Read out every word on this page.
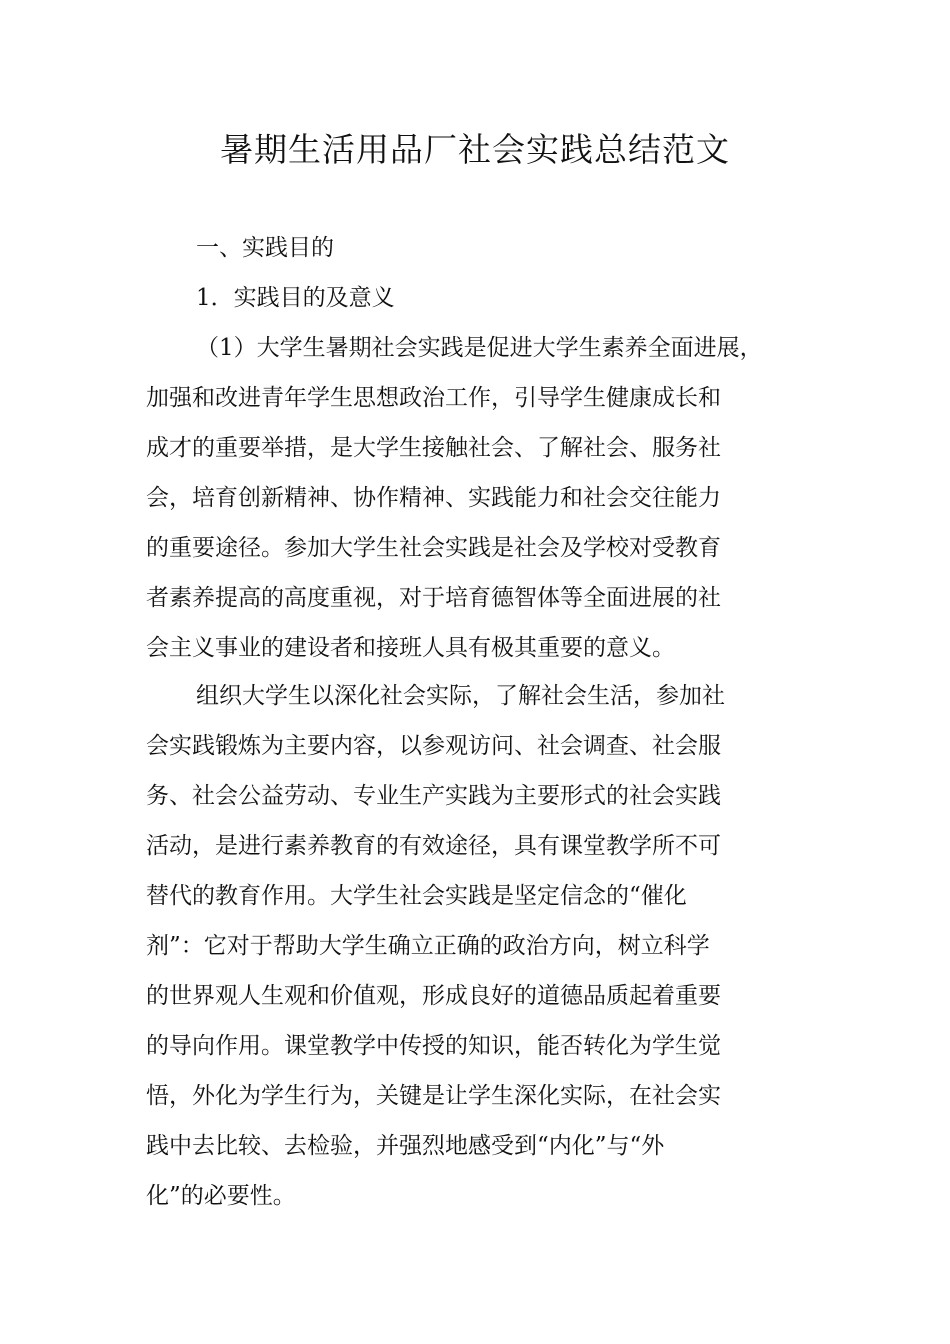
暑期生活用品厂社会实践总结范文
一、实践目的
1．实践目的及意义
（1）大学生暑期社会实践是促进大学生素养全面进展，
加强和改进青年学生思想政治工作，引导学生健康成长和
成才的重要举措，是大学生接触社会、了解社会、服务社
会，培育创新精神、协作精神、实践能力和社会交往能力
的重要途径。参加大学生社会实践是社会及学校对受教育
者素养提高的高度重视，对于培育德智体等全面进展的社
会主义事业的建设者和接班人具有极其重要的意义。
组织大学生以深化社会实际，了解社会生活，参加社
会实践锻炼为主要内容，以参观访问、社会调查、社会服
务、社会公益劳动、专业生产实践为主要形式的社会实践
活动，是进行素养教育的有效途径，具有课堂教学所不可
替代的教育作用。大学生社会实践是坚定信念的“催化
剂”：它对于帮助大学生确立正确的政治方向，树立科学
的世界观人生观和价值观，形成良好的道德品质起着重要
的导向作用。课堂教学中传授的知识，能否转化为学生觉
悟，外化为学生行为，关键是让学生深化实际，在社会实
践中去比较、去检验，并强烈地感受到“内化”与“外
化”的必要性。
